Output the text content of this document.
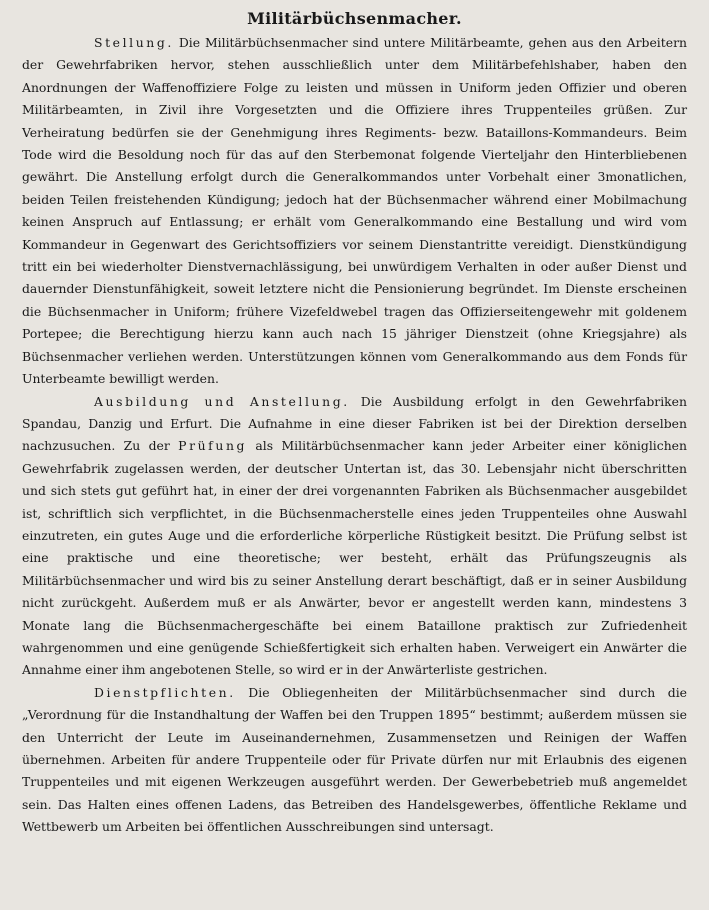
Militärbüchsenmacher.

Stellung. Die Militärbüchsenmacher sind untere Militärbeamte, gehen aus den Arbeitern der Gewehrfabriken hervor, stehen ausschließlich unter dem Militärbefehlshaber, haben den Anordnungen der Waffenoffiziere Folge zu leisten und müssen in Uniform jeden Offizier und oberen Militärbeamten, in Zivil ihre Vorgesetzten und die Offiziere ihres Truppenteiles grüßen. Zur Verheiratung bedürfen sie der Genehmigung ihres Regiments- bezw. Bataillons-Kommandeurs. Beim Tode wird die Besoldung noch für das auf den Sterbemonat folgende Vierteljahr den Hinterbliebenen gewährt. Die Anstellung erfolgt durch die Generalkommandos unter Vorbehalt einer 3monatlichen, beiden Teilen freistehenden Kündigung; jedoch hat der Büchsenmacher während einer Mobilmachung keinen Anspruch auf Entlassung; er erhält vom Generalkommando eine Bestallung und wird vom Kommandeur in Gegenwart des Gerichtsoffiziers vor seinem Dienstantritte vereidigt. Dienstkündigung tritt ein bei wiederholter Dienstvernachlässigung, bei unwürdigem Verhalten in oder außer Dienst und dauernder Dienstunfähigkeit, soweit letztere nicht die Pensionierung begründet. Im Dienste erscheinen die Büchsenmacher in Uniform; frühere Vizefeldwebel tragen das Offizierseitengewehr mit goldenem Portepee; die Berechtigung hierzu kann auch nach 15 jähriger Dienstzeit (ohne Kriegsjahre) als Büchsenmacher verliehen werden. Unterstützungen können vom Generalkommando aus dem Fonds für Unterbeamte bewilligt werden.

Ausbildung und Anstellung. Die Ausbildung erfolgt in den Gewehrfabriken Spandau, Danzig und Erfurt. Die Aufnahme in eine dieser Fabriken ist bei der Direktion derselben nachzusuchen. Zu der Prüfung als Militärbüchsenmacher kann jeder Arbeiter einer königlichen Gewehrfabrik zugelassen werden, der deutscher Untertan ist, das 30. Lebensjahr nicht überschritten und sich stets gut geführt hat, in einer der drei vorgenannten Fabriken als Büchsenmacher ausgebildet ist, schriftlich sich verpflichtet, in die Büchsenmacherstelle eines jeden Truppenteiles ohne Auswahl einzutreten, ein gutes Auge und die erforderliche körperliche Rüstigkeit besitzt. Die Prüfung selbst ist eine praktische und eine theoretische; wer besteht, erhält das Prüfungszeugnis als Militärbüchsenmacher und wird bis zu seiner Anstellung derart beschäftigt, daß er in seiner Ausbildung nicht zurückgeht. Außerdem muß er als Anwärter, bevor er angestellt werden kann, mindestens 3 Monate lang die Büchsenmachergeschäfte bei einem Bataillone praktisch zur Zufriedenheit wahrgenommen und eine genügende Schießfertigkeit sich erhalten haben. Verweigert ein Anwärter die Annahme einer ihm angebotenen Stelle, so wird er in der Anwärterliste gestrichen.

Dienstpflichten. Die Obliegenheiten der Militärbüchsenmacher sind durch die „Verordnung für die Instandhaltung der Waffen bei den Truppen 1895“ bestimmt; außerdem müssen sie den Unterricht der Leute im Auseinandernehmen, Zusammensetzen und Reinigen der Waffen übernehmen. Arbeiten für andere Truppenteile oder für Private dürfen nur mit Erlaubnis des eigenen Truppenteiles und mit eigenen Werkzeugen ausgeführt werden. Der Gewerbebetrieb muß angemeldet sein. Das Halten eines offenen Ladens, das Betreiben des Handelsgewerbes, öffentliche Reklame und Wettbewerb um Arbeiten bei öffentlichen Ausschreibungen sind untersagt.
